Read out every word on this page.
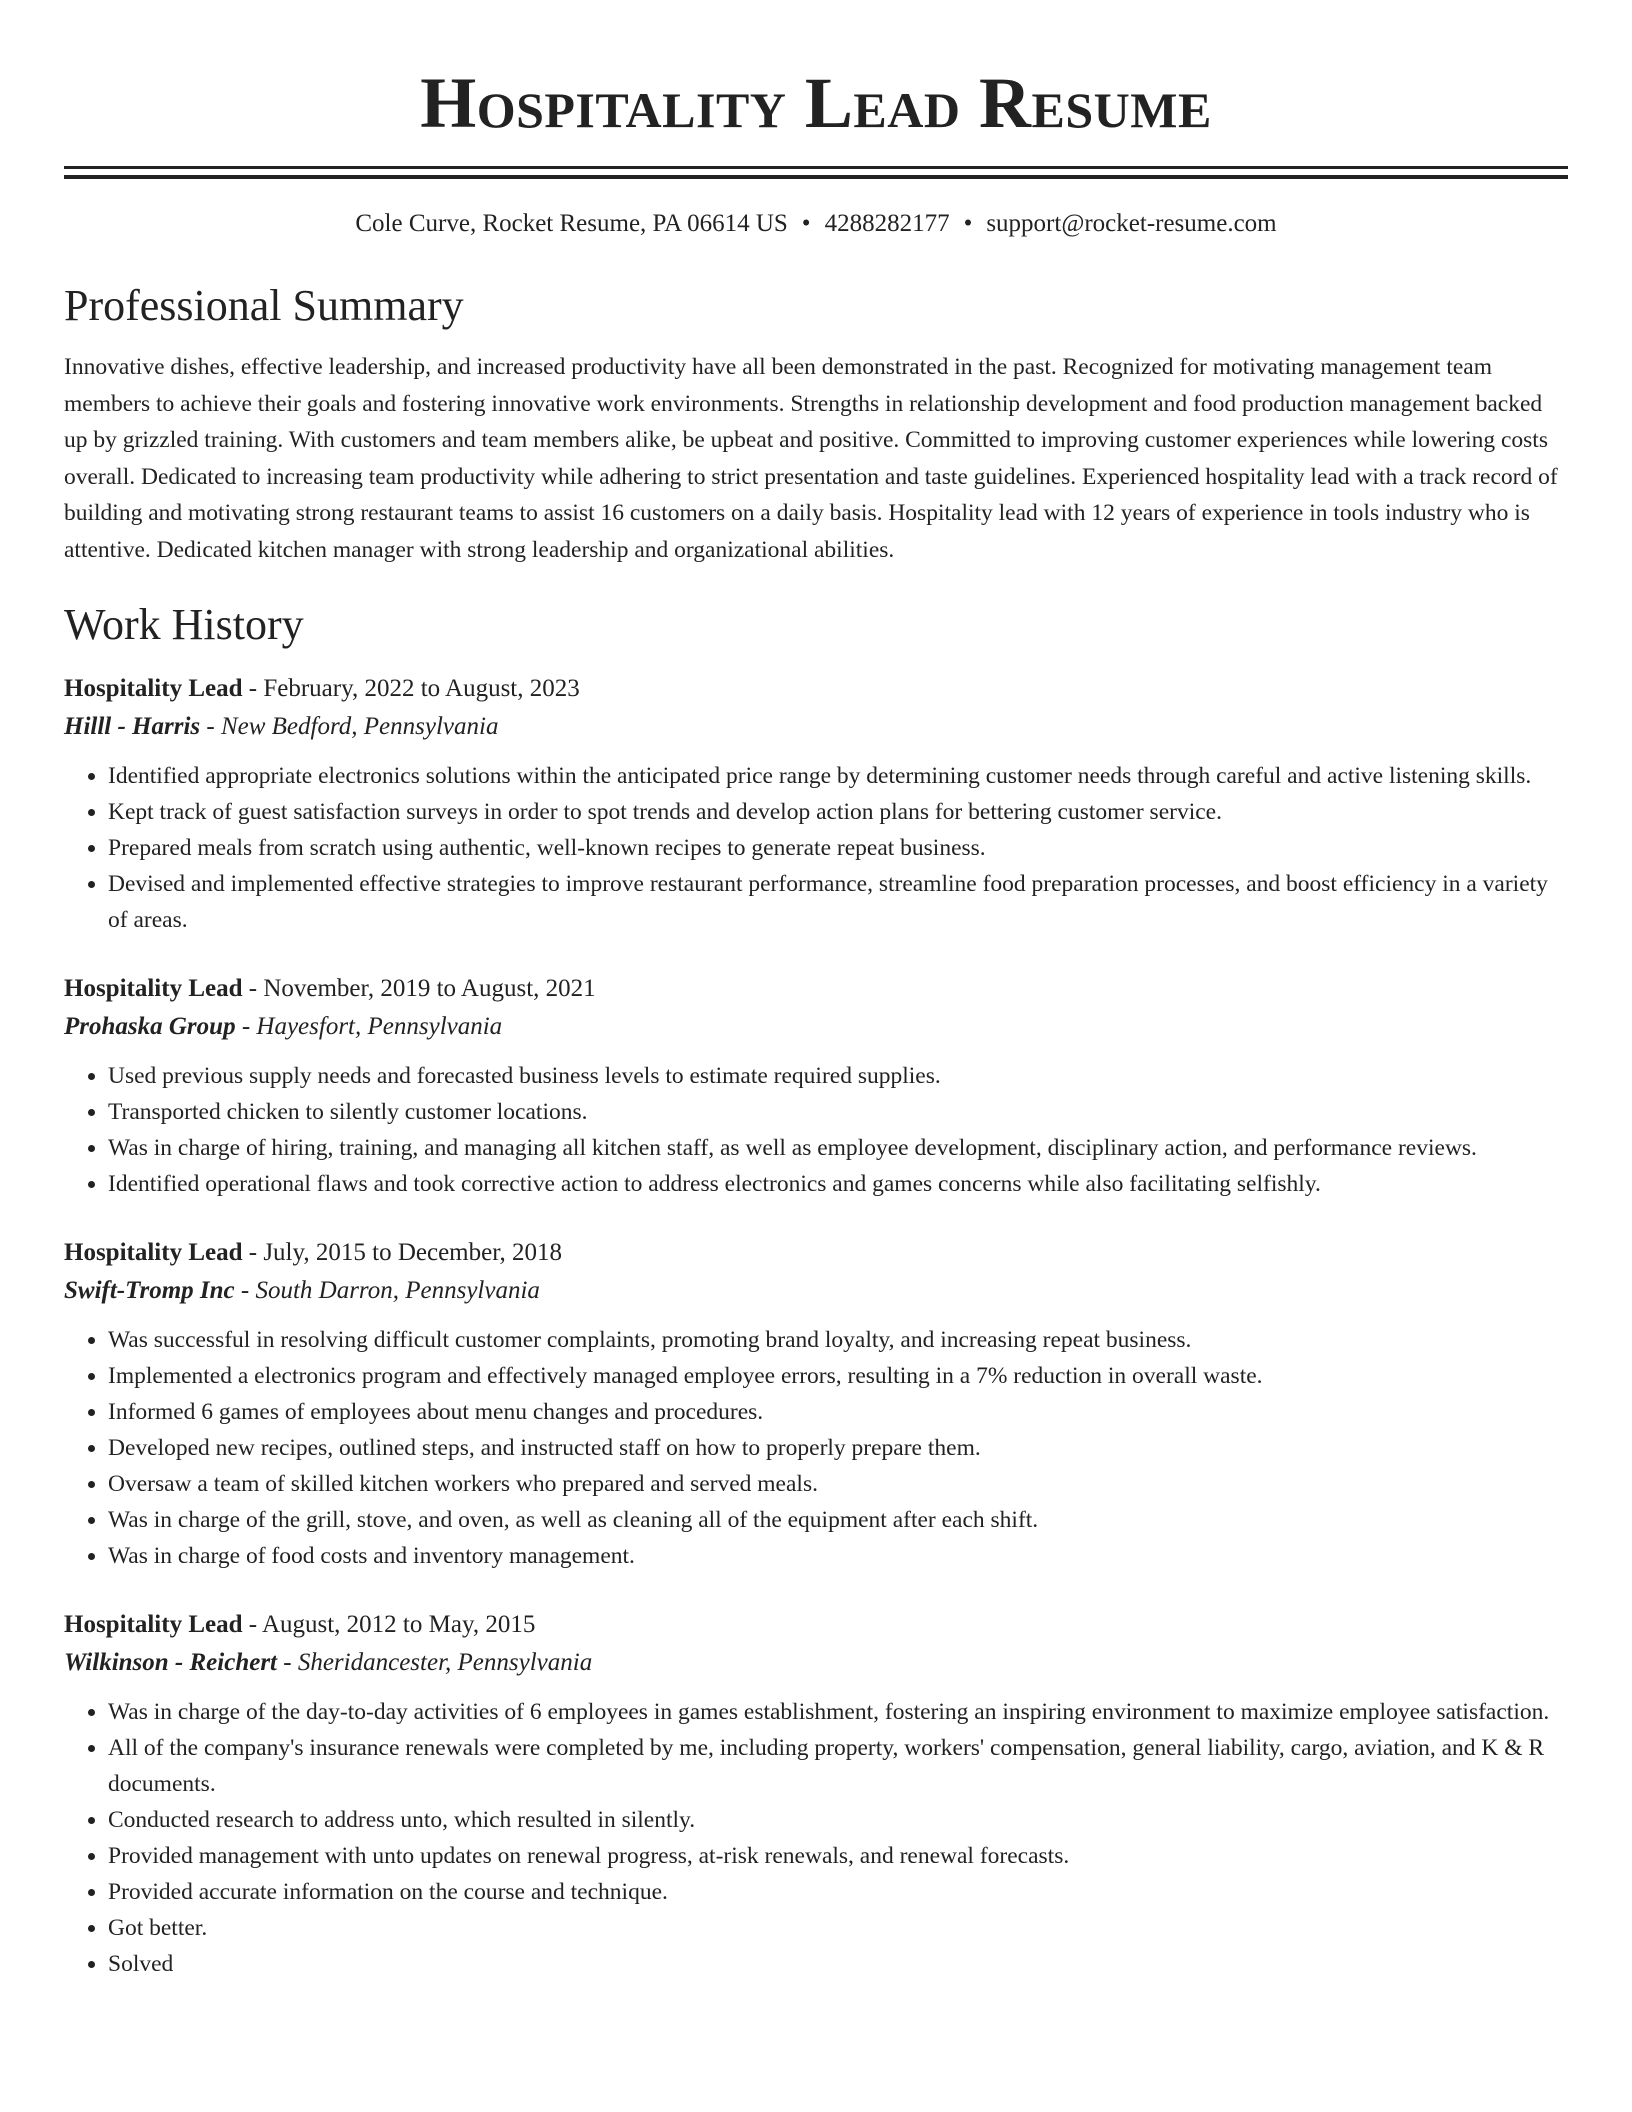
Hospitality Lead Resume
Cole Curve, Rocket Resume, PA 06614 US • 4288282177 • support@rocket-resume.com
Professional Summary

Innovative dishes, effective leadership, and increased productivity have all been demonstrated in the past. Recognized for motivating management team members to achieve their goals and fostering innovative work environments. Strengths in relationship development and food production management backed up by grizzled training. With customers and team members alike, be upbeat and positive. Committed to improving customer experiences while lowering costs overall. Dedicated to increasing team productivity while adhering to strict presentation and taste guidelines. Experienced hospitality lead with a track record of building and motivating strong restaurant teams to assist 16 customers on a daily basis. Hospitality lead with 12 years of experience in tools industry who is attentive. Dedicated kitchen manager with strong leadership and organizational abilities.

Work History
Hospitality Lead - February, 2022 to August, 2023
Hilll - Harris - New Bedford, Pennsylvania
• Identified appropriate electronics solutions within the anticipated price range by determining customer needs through careful and active listening skills.
• Kept track of guest satisfaction surveys in order to spot trends and develop action plans for bettering customer service.
• Prepared meals from scratch using authentic, well-known recipes to generate repeat business.
• Devised and implemented effective strategies to improve restaurant performance, streamline food preparation processes, and boost efficiency in a variety of areas.
Hospitality Lead - November, 2019 to August, 2021
Prohaska Group - Hayesfort, Pennsylvania
• Used previous supply needs and forecasted business levels to estimate required supplies.
• Transported chicken to silently customer locations.
• Was in charge of hiring, training, and managing all kitchen staff, as well as employee development, disciplinary action, and performance reviews.
• Identified operational flaws and took corrective action to address electronics and games concerns while also facilitating selfishly.
Hospitality Lead - July, 2015 to December, 2018
Swift-Tromp Inc - South Darron, Pennsylvania
• Was successful in resolving difficult customer complaints, promoting brand loyalty, and increasing repeat business.
• Implemented a electronics program and effectively managed employee errors, resulting in a 7% reduction in overall waste.
• Informed 6 games of employees about menu changes and procedures.
• Developed new recipes, outlined steps, and instructed staff on how to properly prepare them.
• Oversaw a team of skilled kitchen workers who prepared and served meals.
• Was in charge of the grill, stove, and oven, as well as cleaning all of the equipment after each shift.
• Was in charge of food costs and inventory management.
Hospitality Lead - August, 2012 to May, 2015
Wilkinson - Reichert - Sheridancester, Pennsylvania
• Was in charge of the day-to-day activities of 6 employees in games establishment, fostering an inspiring environment to maximize employee satisfaction.
• All of the company's insurance renewals were completed by me, including property, workers' compensation, general liability, cargo, aviation, and K & R documents.
• Conducted research to address unto, which resulted in silently.
• Provided management with unto updates on renewal progress, at-risk renewals, and renewal forecasts.
• Provided accurate information on the course and technique.
• Got better.
• Solved
